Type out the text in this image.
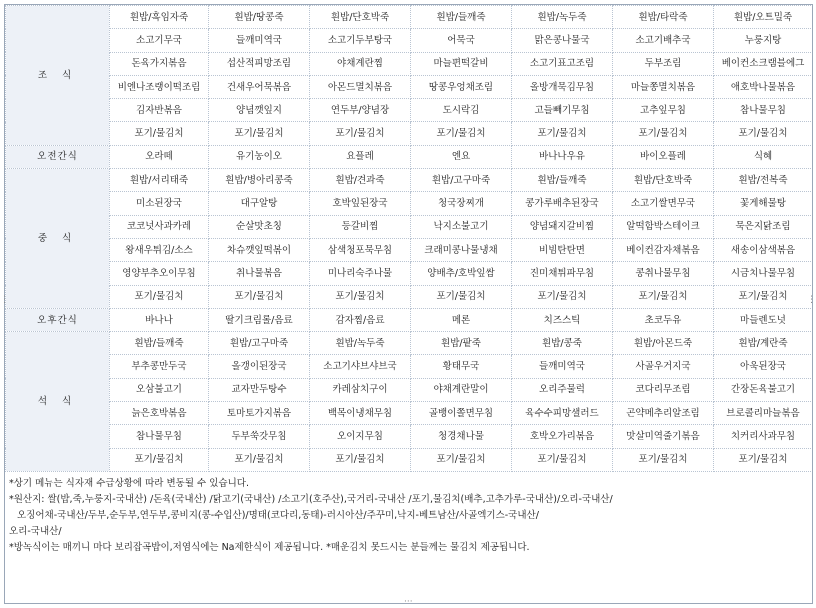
조 식	흰밥/흑임자죽	흰밥/땅콩죽	흰밥/단호박죽	흰밥/들깨죽	흰밥/녹두죽	흰밥/타락죽	흰밥/오트밀죽
	소고기무국	들깨미역국	소고기두부탕국	어묵국	맑은콩나물국	소고기배추국	누룽지탕
	돈육가지볶음	섭산적피망조림	야채계란찜	마늘편떡갈비	소고기표고조림	두부조림	베이컨소크램블에그
	비엔나조랭이떡조림	건새우어묵볶음	아몬드멸치볶음	땅콩우엉채조림	올방개묵김무침	마늘쫑멸치볶음	애호박나물볶음
	김자반볶음	양념깻잎지	연두부/양념장	도시락김	고들빼기무침	고추잎무침	참나물무침
	포기/물김치	포기/물김치	포기/물김치	포기/물김치	포기/물김치	포기/물김치	포기/물김치
오전간식	오라떼	유기농이오	요플레	엔요	바나나우유	바이오플레	식혜
중 식	흰밥/서리태죽	흰밥/병아리콩죽	흰밥/견과죽	흰밥/고구마죽	흰밥/들깨죽	흰밥/단호박죽	흰밥/전복죽
	미소된장국	대구알탕	호박잎된장국	청국장찌개	콩가루배추된장국	소고기쌀면무국	꽃게해물탕
	코코넛사과카레	순살맛초칭	등갈비찜	낙지소불고기	양념돼지갈비찜	알떡함박스테이크	묵은지닭조림
	왕새우튀김/소스	차슈깻잎떡볶이	삼색청포묵무침	크래미콩나물냉채	비빔탄탄면	베이컨감자채볶음	새송이삼색볶음
	영양부추오이무침	취나물볶음	미나리숙주나물	양배추/호박잎쌈	진미채튀파무침	콩취나물무침	시금치나물무침
	포기/물김치	포기/물김치	포기/물김치	포기/물김치	포기/물김치	포기/물김치	포기/물김치
오후간식	바나나	딸기크림롤/음료	감자찜/음료	메론	치즈스틱	초코두유	마들렌도넛
석 식	흰밥/들깨죽	흰밥/고구마죽	흰밥/녹두죽	흰밥/팥죽	흰밥/콩죽	흰밥/아몬드죽	흰밥/계란죽
	부추콩만두국	올갱이된장국	소고기샤브샤브국	황태무국	들깨미역국	사골우거지국	아욱된장국
	오삼불고기	교자만두탕수	카레삼치구이	야채계란말이	오리주물럭	코다리무조림	간장돈육불고기
	늙은호박볶음	토마토가지볶음	백목이냉채무침	골뱅이쫄면무침	육수수피망샐러드	곤약메추리알조림	브로콜리마늘볶음
	참나물무침	두부쑥갓무침	오이지무침	청경채나물	호박오가리볶음	맛살미역줄기볶음	치커리사과무침
	포기/물김치	포기/물김치	포기/물김치	포기/물김치	포기/물김치	포기/물김치	포기/물김치

*상기 메뉴는 식자재 수급상황에 따라 변동될 수 있습니다.

*원산지: 쌀(밥,죽,누룽지-국내산) /돈육(국내산) /닭고기(국내산) /소고기(호주산),국거리-국내산 /포기,물김치(배추,고추가루-국내산)/오리-국내산/

오징어채-국내산/두부,순두부,연두부,콩비지(콩-수입산)/명태(코다리,동태)-러시아산/주꾸미,낙지-베트남산/사골엑기스-국내산/

오리-국내산/

*방녹식이는 매끼니 마다 보리잡곡밥이,저염식에는 Na제한식이 제공됩니다. *매운김치 못드시는 분들께는 물김치 제공됩니다.

⋮	⋮
···
